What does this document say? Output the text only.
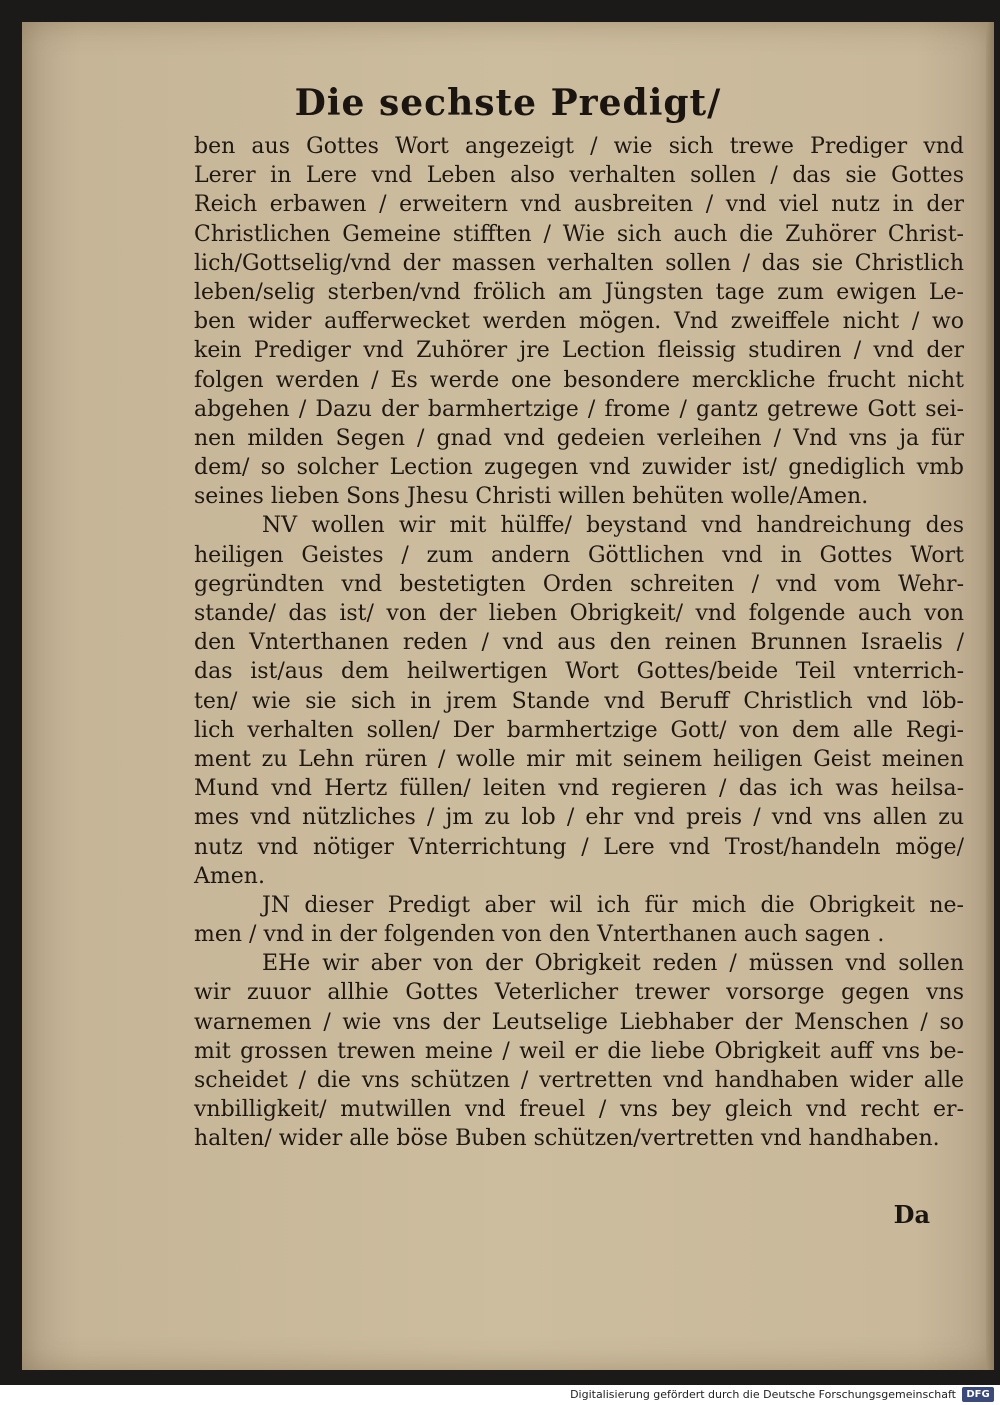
Die sechste Predigt/
ben aus Gottes Wort angezeigt / wie sich trewe Prediger vnd
Lerer in Lere vnd Leben also verhalten sollen / das sie Gottes
Reich erbawen / erweitern vnd ausbreiten / vnd viel nutz in der
Christlichen Gemeine stifften / Wie sich auch die Zuhörer Christ-
lich/Gottselig/vnd der massen verhalten sollen / das sie Christlich
leben/selig sterben/vnd frölich am Jüngsten tage zum ewigen Le-
ben wider aufferwecket werden mögen. Vnd zweiffele nicht / wo
kein Prediger vnd Zuhörer jre Lection fleissig studiren / vnd der
folgen werden / Es werde one besondere merckliche frucht nicht
abgehen / Dazu der barmhertzige / frome / gantz getrewe Gott sei-
nen milden Segen / gnad vnd gedeien verleihen / Vnd vns ja für
dem/ so solcher Lection zugegen vnd zuwider ist/ gnediglich vmb
seines lieben Sons Jhesu Christi willen behüten wolle/Amen.
NV wollen wir mit hülffe/ beystand vnd handreichung des
heiligen Geistes / zum andern Göttlichen vnd in Gottes Wort
gegründten vnd bestetigten Orden schreiten / vnd vom Wehr-
stande/ das ist/ von der lieben Obrigkeit/ vnd folgende auch von
den Vnterthanen reden / vnd aus den reinen Brunnen Israelis /
das ist/aus dem heilwertigen Wort Gottes/beide Teil vnterrich-
ten/ wie sie sich in jrem Stande vnd Beruff Christlich vnd löb-
lich verhalten sollen/ Der barmhertzige Gott/ von dem alle Regi-
ment zu Lehn rüren / wolle mir mit seinem heiligen Geist meinen
Mund vnd Hertz füllen/ leiten vnd regieren / das ich was heilsa-
mes vnd nützliches / jm zu lob / ehr vnd preis / vnd vns allen zu
nutz vnd nötiger Vnterrichtung / Lere vnd Trost/handeln möge/
Amen.
JN dieser Predigt aber wil ich für mich die Obrigkeit ne-
men / vnd in der folgenden von den Vnterthanen auch sagen .
EHe wir aber von der Obrigkeit reden / müssen vnd sollen
wir zuuor allhie Gottes Veterlicher trewer vorsorge gegen vns
warnemen / wie vns der Leutselige Liebhaber der Menschen / so
mit grossen trewen meine / weil er die liebe Obrigkeit auff vns be-
scheidet / die vns schützen / vertretten vnd handhaben wider alle
vnbilligkeit/ mutwillen vnd freuel / vns bey gleich vnd recht er-
halten/ wider alle böse Buben schützen/vertretten vnd handhaben.
Da
Digitalisierung gefördert durch die Deutsche Forschungsgemeinschaft	DFG
